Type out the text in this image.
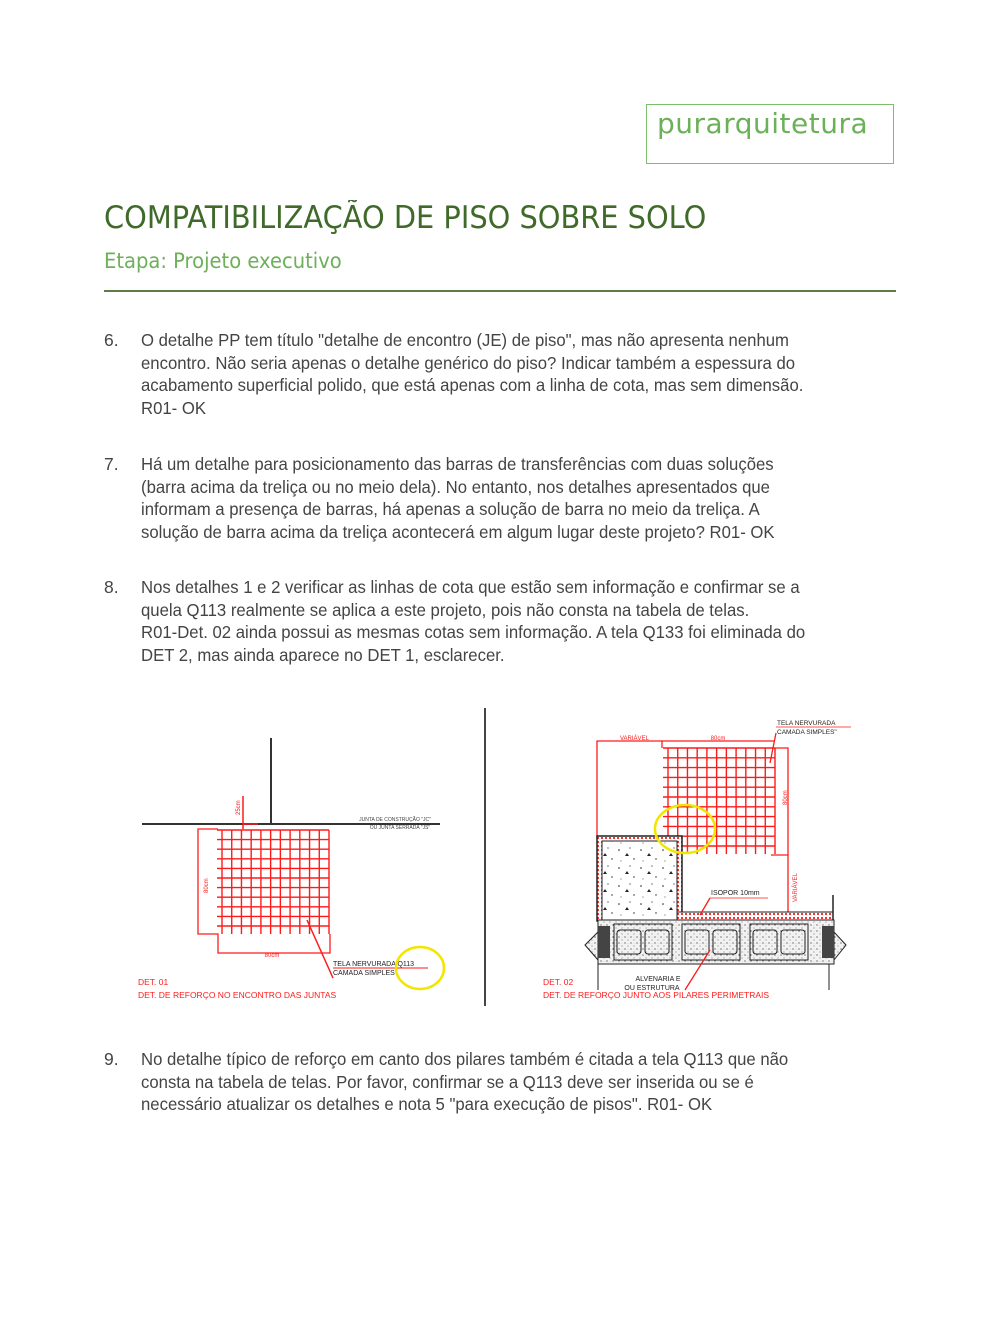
purarquitetura
COMPATIBILIZAÇÃO DE PISO SOBRE SOLO
Etapa: Projeto executivo
6. O detalhe PP tem título "detalhe de encontro (JE) de piso", mas não apresenta nenhum
encontro. Não seria apenas o detalhe genérico do piso? Indicar também a espessura do
acabamento superficial polido, que está apenas com a linha de cota, mas sem dimensão.
R01- OK
7. Há um detalhe para posicionamento das barras de transferências com duas soluções
(barra acima da treliça ou no meio dela). No entanto, nos detalhes apresentados que
informam a presença de barras, há apenas a solução de barra no meio da treliça. A
solução de barra acima da treliça acontecerá em algum lugar deste projeto? R01- OK
8. Nos detalhes 1 e 2 verificar as linhas de cota que estão sem informação e confirmar se a
quela Q113 realmente se aplica a este projeto, pois não consta na tabela de telas.
R01-Det. 02 ainda possui as mesmas cotas sem informação. A tela Q133 foi eliminada do
DET 2, mas ainda aparece no DET 1, esclarecer.
JUNTA DE CONSTRUÇÃO "JC"
OU JUNTA SERRADA "JS"
25cm
80cm
80cm
TELA NERVURADA Q113
CAMADA SIMPLES
DET. 01
DET. DE REFORÇO NO ENCONTRO DAS JUNTAS
VARIÁVEL	80cm
80cm
VARIÁVEL
TELA NERVURADA
CAMADA SIMPLES"
ISOPOR 10mm
ALVENARIA E
OU ESTRUTURA
DET. 02
DET. DE REFORÇO JUNTO AOS PILARES PERIMETRAIS
9. No detalhe típico de reforço em canto dos pilares também é citada a tela Q113 que não
consta na tabela de telas. Por favor, confirmar se a Q113 deve ser inserida ou se é
necessário atualizar os detalhes e nota 5 "para execução de pisos". R01- OK
